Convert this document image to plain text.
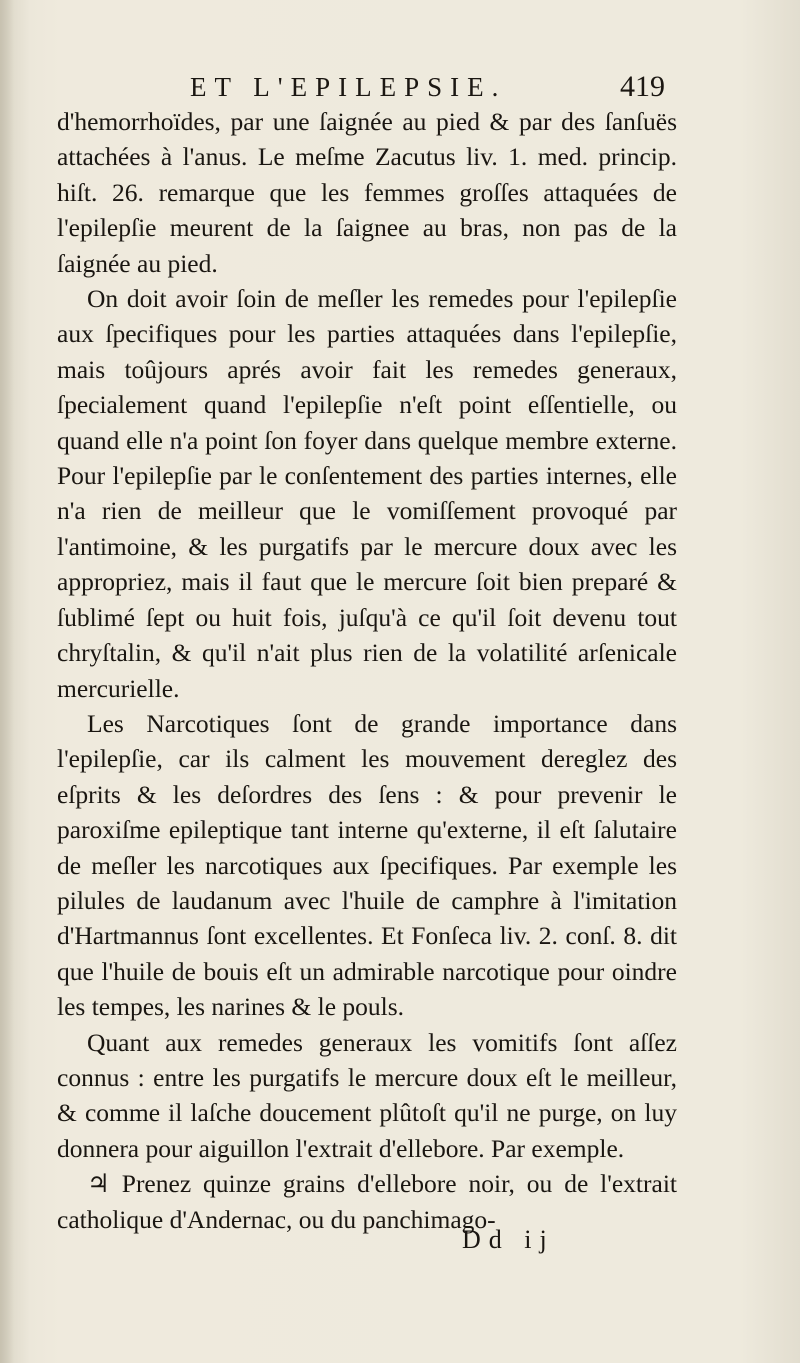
ET L'EPILEPSIE.	419

d'hemorrhoïdes, par une ſaignée au pied & par des ſanſuës attachées à l'anus. Le meſme Zacutus liv. 1. med. princip. hiſt. 26. remarque que les femmes groſſes attaquées de l'epilepſie meurent de la ſaignee au bras, non pas de la ſaignée au pied.

On doit avoir ſoin de meſler les remedes pour l'epilepſie aux ſpecifiques pour les parties attaquées dans l'epilepſie, mais toûjours aprés avoir fait les remedes generaux, ſpecialement quand l'epilepſie n'eſt point eſſentielle, ou quand elle n'a point ſon foyer dans quelque membre externe. Pour l'epilepſie par le conſentement des parties internes, elle n'a rien de meilleur que le vomiſſement provoqué par l'antimoine, & les purgatifs par le mercure doux avec les appropriez, mais il faut que le mercure ſoit bien preparé & ſublimé ſept ou huit fois, juſqu'à ce qu'il ſoit devenu tout chryſtalin, & qu'il n'ait plus rien de la volatilité arſenicale mercurielle.

Les Narcotiques ſont de grande importance dans l'epilepſie, car ils calment les mouvement dereglez des eſprits & les deſordres des ſens : & pour prevenir le paroxiſme epileptique tant interne qu'externe, il eſt ſalutaire de meſler les narcotiques aux ſpecifiques. Par exemple les pilules de laudanum avec l'huile de camphre à l'imitation d'Hartmannus ſont excellentes. Et Fonſeca liv. 2. conſ. 8. dit que l'huile de bouis eſt un admirable narcotique pour oindre les tempes, les narines & le pouls.

Quant aux remedes generaux les vomitifs ſont aſſez connus : entre les purgatifs le mercure doux eſt le meilleur, & comme il laſche doucement plûtoſt qu'il ne purge, on luy donnera pour aiguillon l'extrait d'ellebore. Par exemple.

♃ Prenez quinze grains d'ellebore noir, ou de l'extrait catholique d'Andernac, ou du panchimago-

Dd ij
